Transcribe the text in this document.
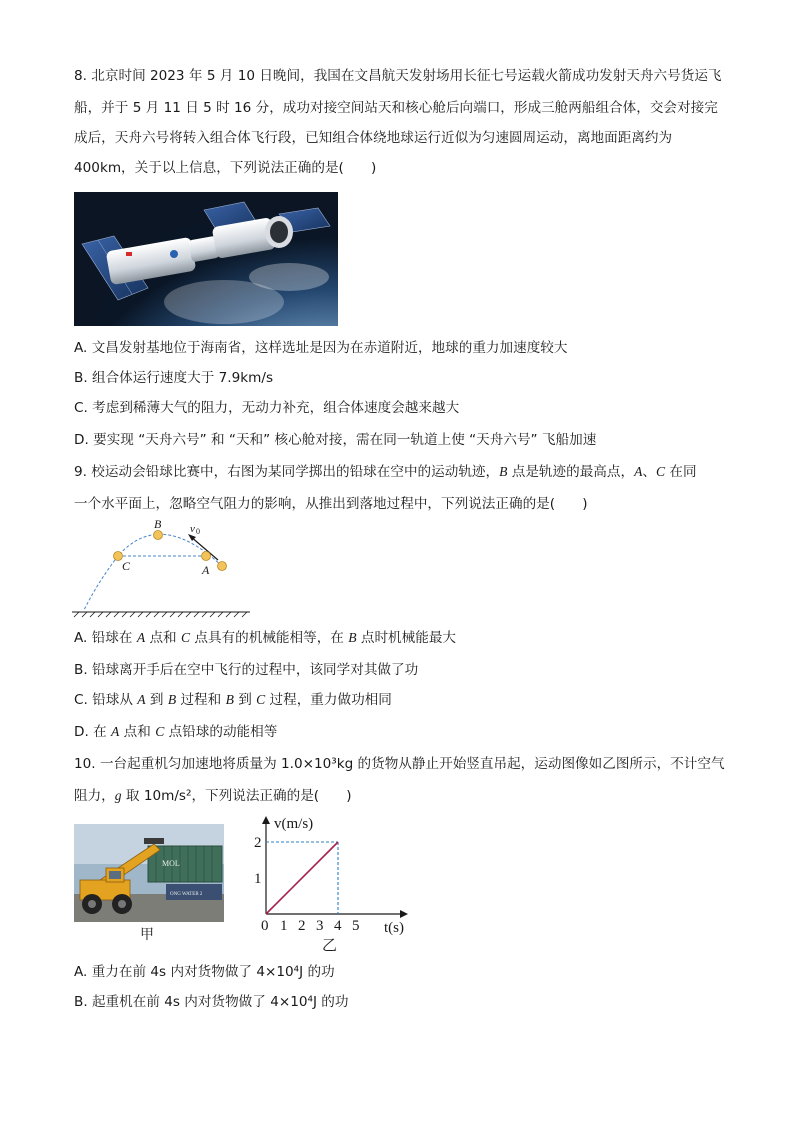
8. 北京时间 2023 年 5 月 10 日晚间，我国在文昌航天发射场用长征七号运载火箭成功发射天舟六号货运飞
船，并于 5 月 11 日 5 时 16 分，成功对接空间站天和核心舱后向端口，形成三舱两船组合体，交会对接完
成后，天舟六号将转入组合体飞行段，已知组合体绕地球运行近似为匀速圆周运动，离地面距离约为
400km，关于以上信息，下列说法正确的是(　　)
A. 文昌发射基地位于海南省，这样选址是因为在赤道附近，地球的重力加速度较大
B. 组合体运行速度大于 7.9km/s
C. 考虑到稀薄大气的阻力，无动力补充，组合体速度会越来越大
D. 要实现 “天舟六号” 和 “天和” 核心舱对接，需在同一轨道上使 “天舟六号” 飞船加速
9. 校运动会铅球比赛中，右图为某同学掷出的铅球在空中的运动轨迹，B 点是轨迹的最高点，A、C 在同
一个水平面上，忽略空气阻力的影响，从推出到落地过程中，下列说法正确的是(　　)
B
C	A
v 0
A. 铅球在 A 点和 C 点具有的机械能相等，在 B 点时机械能最大
B. 铅球离开手后在空中飞行的过程中，该同学对其做了功
C. 铅球从 A 到 B 过程和 B 到 C 过程，重力做功相同
D. 在 A 点和 C 点铅球的动能相等
10. 一台起重机匀加速地将质量为 1.0×10³kg 的货物从静止开始竖直吊起，运动图像如乙图所示，不计空气
阻力，g 取 10m/s²，下列说法正确的是(　　)
MOL
ONG WATER 2
甲
v(m/s)
t(s)
乙
0 1 2 3 4 5
1
2
A. 重力在前 4s 内对货物做了 4×10⁴J 的功
B. 起重机在前 4s 内对货物做了 4×10⁴J 的功
